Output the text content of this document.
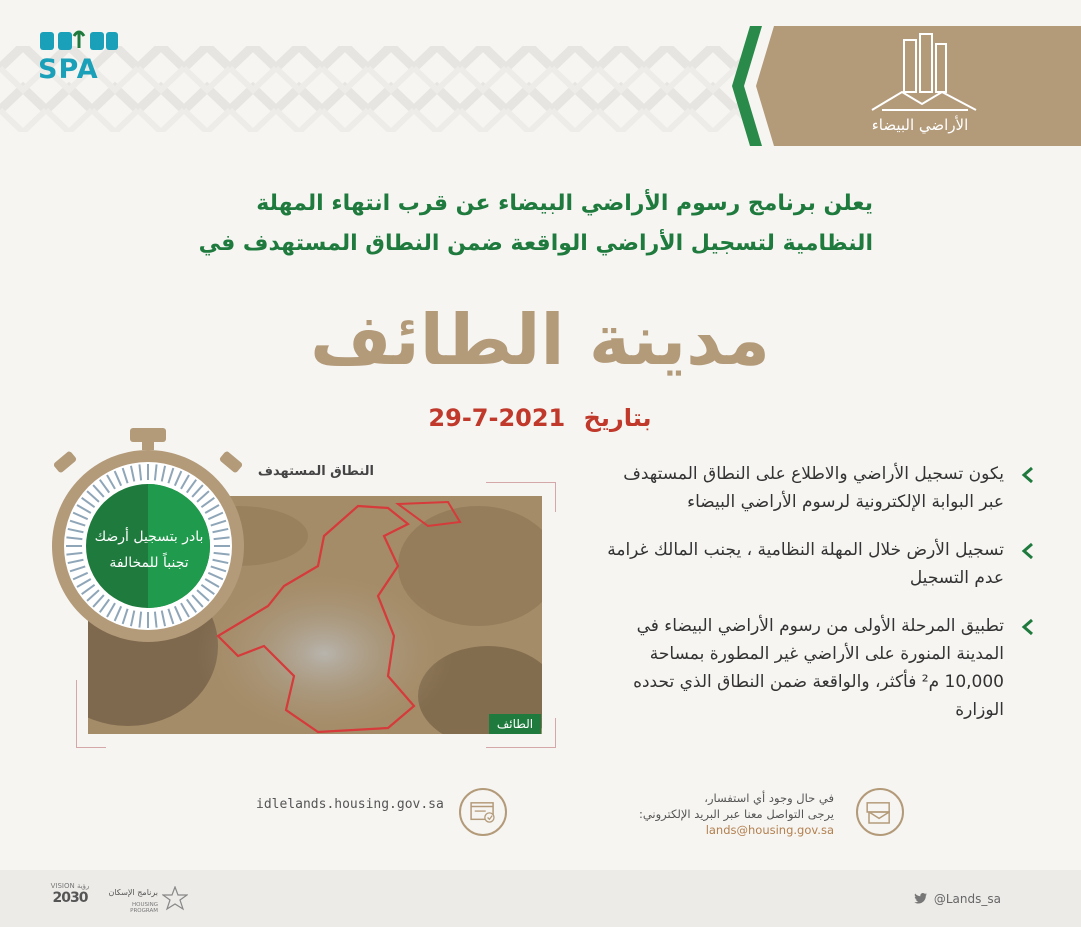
SPA
الأراضي البيضاء
يعلن برنامج رسوم الأراضي البيضاء عن قرب انتهاء المهلة
النظامية لتسجيل الأراضي الواقعة ضمن النطاق المستهدف في
مدينة الطائف
بتاريخ 29-7-2021
يكون تسجيل الأراضي والاطلاع على النطاق المستهدف عبر البوابة الإلكترونية لرسوم الأراضي البيضاء
تسجيل الأرض خلال المهلة النظامية ، يجنب المالك غرامة عدم التسجيل
تطبيق المرحلة الأولى من رسوم الأراضي البيضاء في المدينة المنورة على الأراضي غير المطورة بمساحة 10,000 م² فأكثر، والواقعة ضمن النطاق الذي تحدده الوزارة
النطاق المستهدف
الطائف
بادر بتسجيل أرضك
تجنباً للمخالفة
idlelands.housing.gov.sa	في حال وجود أي استفسار،
يرجى التواصل معنا عبر البريد الإلكتروني:
lands@housing.gov.sa
VISION رؤية
2030	برنامج الإسكان
HOUSING PROGRAM
@Lands_sa
